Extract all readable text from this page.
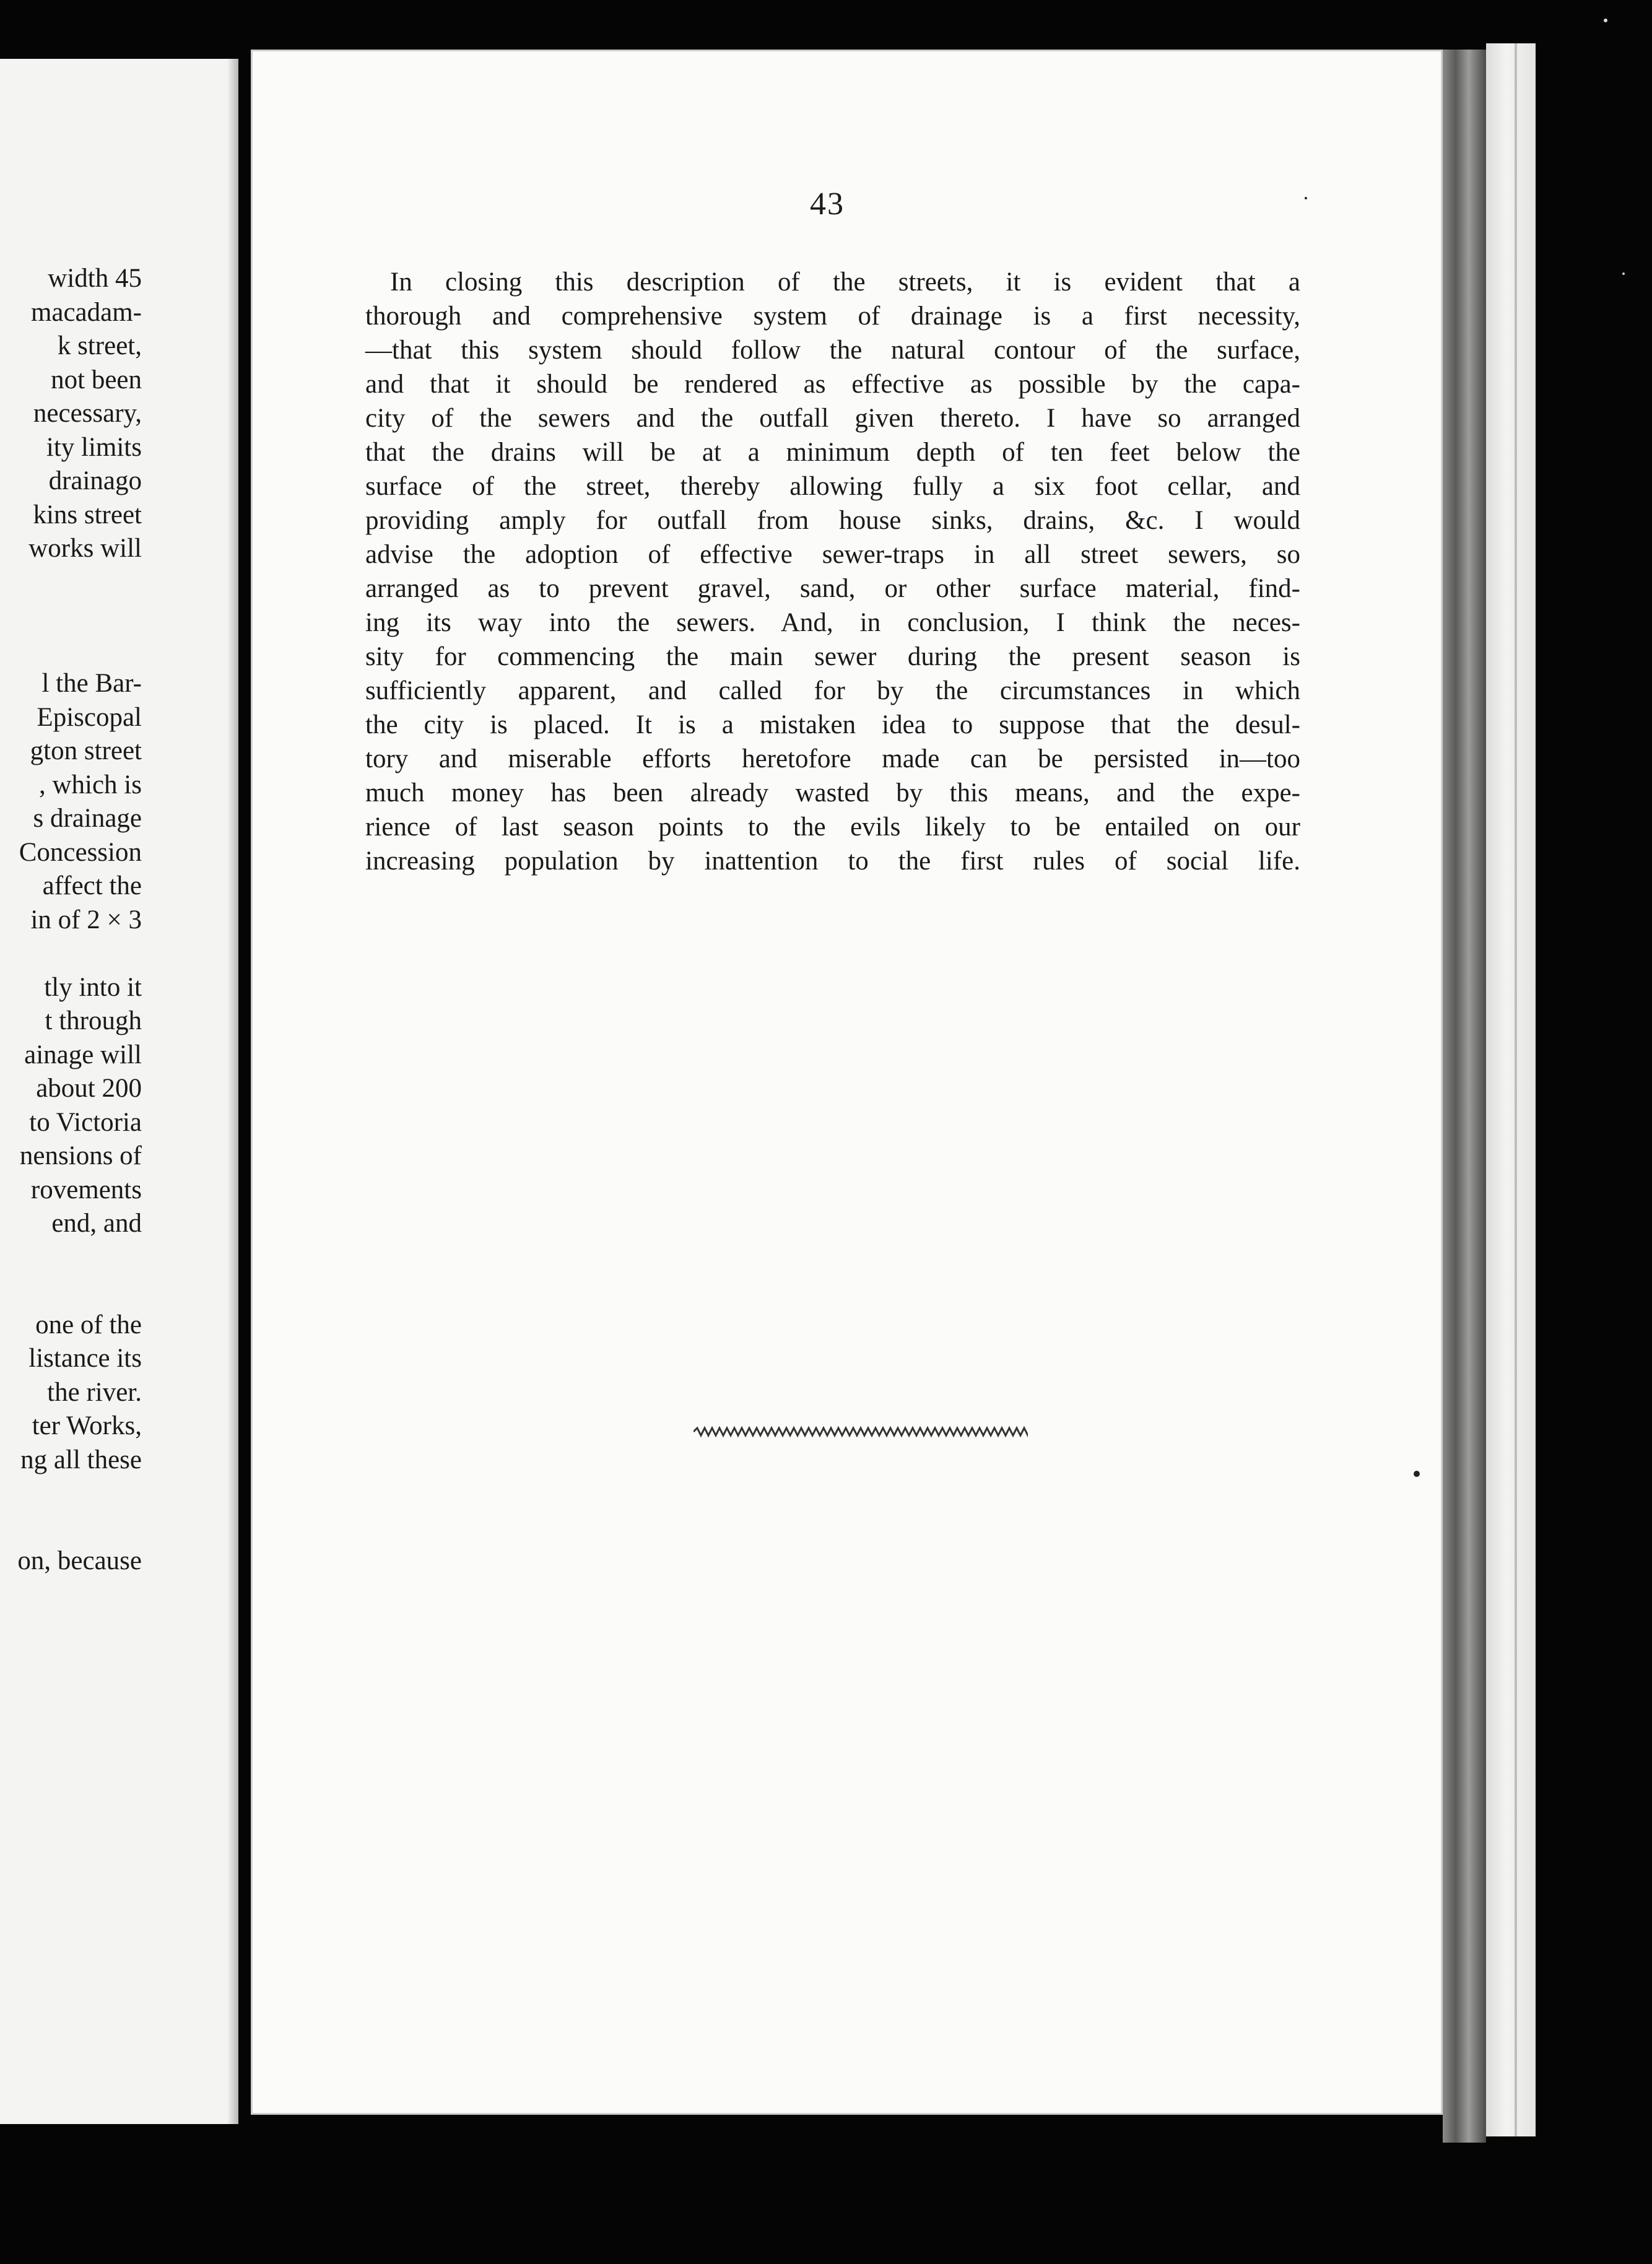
width 45
macadam-
k street,
not been
necessary,
ity limits
drainago
kins street
works will
l the Bar-
Episcopal
gton street
, which is
s drainage
Concession
affect the
in of 2 × 3
tly into it
t through
ainage will
about 200
to Victoria
nensions of
rovements
end, and
one of the
listance its
the river.
ter Works,
ng all these
on, because
43
In closing this description of the streets, it is evident that a
thorough and comprehensive system of drainage is a first necessity,
—that this system should follow the natural contour of the surface,
and that it should be rendered as effective as possible by the capa-
city of the sewers and the outfall given thereto. I have so arranged
that the drains will be at a minimum depth of ten feet below the
surface of the street, thereby allowing fully a six foot cellar, and
providing amply for outfall from house sinks, drains, &c. I would
advise the adoption of effective sewer-traps in all street sewers, so
arranged as to prevent gravel, sand, or other surface material, find-
ing its way into the sewers. And, in conclusion, I think the neces-
sity for commencing the main sewer during the present season is
sufficiently apparent, and called for by the circumstances in which
the city is placed. It is a mistaken idea to suppose that the desul-
tory and miserable efforts heretofore made can be persisted in—too
much money has been already wasted by this means, and the expe-
rience of last season points to the evils likely to be entailed on our
increasing population by inattention to the first rules of social life.
